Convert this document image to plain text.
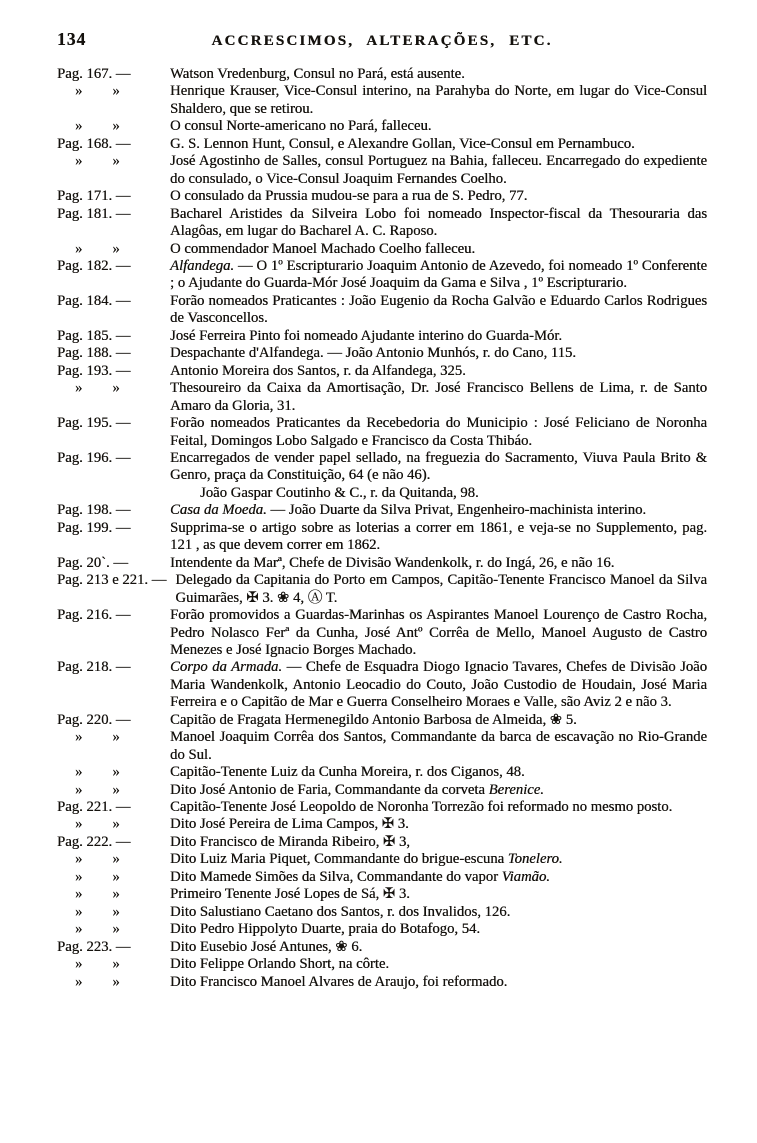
134	ACCRESCIMOS, ALTERAÇÕES, ETC.
Pag. 167. —	Watson Vredenburg, Consul no Pará, está ausente.
» »	Henrique Krauser, Vice-Consul interino, na Parahyba do Norte, em lugar do Vice-Consul Shaldero, que se retirou.
» »	O consul Norte-americano no Pará, falleceu.
Pag. 168. —	G. S. Lennon Hunt, Consul, e Alexandre Gollan, Vice-Consul em Pernambuco.
» »	José Agostinho de Salles, consul Portuguez na Bahia, falleceu. Encarregado do expediente do consulado, o Vice-Consul Joaquim Fernandes Coelho.
Pag. 171. —	O consulado da Prussia mudou-se para a rua de S. Pedro, 77.
Pag. 181. —	Bacharel Aristides da Silveira Lobo foi nomeado Inspector-fiscal da Thesouraria das Alagôas, em lugar do Bacharel A. C. Raposo.
» »	O commendador Manoel Machado Coelho falleceu.
Pag. 182. —	Alfandega. — O 1º Escripturario Joaquim Antonio de Azevedo, foi nomeado 1º Conferente ; o Ajudante do Guarda-Mór José Joaquim da Gama e Silva , 1º Escripturario.
Pag. 184. —	Forão nomeados Praticantes : João Eugenio da Rocha Galvão e Eduardo Carlos Rodrigues de Vasconcellos.
Pag. 185. —	José Ferreira Pinto foi nomeado Ajudante interino do Guarda-Mór.
Pag. 188. —	Despachante d'Alfandega. — João Antonio Munhós, r. do Cano, 115.
Pag. 193. —	Antonio Moreira dos Santos, r. da Alfandega, 325.
» »	Thesoureiro da Caixa da Amortisação, Dr. José Francisco Bellens de Lima, r. de Santo Amaro da Gloria, 31.
Pag. 195. —	Forão nomeados Praticantes da Recebedoria do Municipio : José Feliciano de Noronha Feital, Domingos Lobo Salgado e Francisco da Costa Thibáo.
Pag. 196. —	Encarregados de vender papel sellado, na freguezia do Sacramento, Viuva Paula Brito & Genro, praça da Constituição, 64 (e não 46).
João Gaspar Coutinho & C., r. da Quitanda, 98.
Pag. 198. —	Casa da Moeda. — João Duarte da Silva Privat, Engenheiro-machinista interino.
Pag. 199. —	Supprima-se o artigo sobre as loterias a correr em 1861, e veja-se no Supplemento, pag. 121 , as que devem correr em 1862.
Pag. 20`. —	Intendente da Marª, Chefe de Divisão Wandenkolk, r. do Ingá, 26, e não 16.
Pag. 213 e 221. — Delegado da Capitania do Porto em Campos, Capitão-Tenente Francisco Manoel da Silva Guimarães, ✠ 3. ❀ 4, Ⓐ T.
Pag. 216. —	Forão promovidos a Guardas-Marinhas os Aspirantes Manoel Lourenço de Castro Rocha, Pedro Nolasco Ferª da Cunha, José Antº Corrêa de Mello, Manoel Augusto de Castro Menezes e José Ignacio Borges Machado.
Pag. 218. —	Corpo da Armada. — Chefe de Esquadra Diogo Ignacio Tavares, Chefes de Divisão João Maria Wandenkolk, Antonio Leocadio do Couto, João Custodio de Houdain, José Maria Ferreira e o Capitão de Mar e Guerra Conselheiro Moraes e Valle, são Aviz 2 e não 3.
Pag. 220. —	Capitão de Fragata Hermenegildo Antonio Barbosa de Almeida, ❀ 5.
» »	Manoel Joaquim Corrêa dos Santos, Commandante da barca de escavação no Rio-Grande do Sul.
» »	Capitão-Tenente Luiz da Cunha Moreira, r. dos Ciganos, 48.
» »	Dito José Antonio de Faria, Commandante da corveta Berenice.
Pag. 221. —	Capitão-Tenente José Leopoldo de Noronha Torrezão foi reformado no mesmo posto.
» »	Dito José Pereira de Lima Campos, ✠ 3.
Pag. 222. —	Dito Francisco de Miranda Ribeiro, ✠ 3,
» »	Dito Luiz Maria Piquet, Commandante do brigue-escuna Tonelero.
» »	Dito Mamede Simões da Silva, Commandante do vapor Viamão.
» »	Primeiro Tenente José Lopes de Sá, ✠ 3.
» »	Dito Salustiano Caetano dos Santos, r. dos Invalidos, 126.
» »	Dito Pedro Hippolyto Duarte, praia do Botafogo, 54.
Pag. 223. —	Dito Eusebio José Antunes, ❀ 6.
» »	Dito Felippe Orlando Short, na côrte.
» »	Dito Francisco Manoel Alvares de Araujo, foi reformado.
